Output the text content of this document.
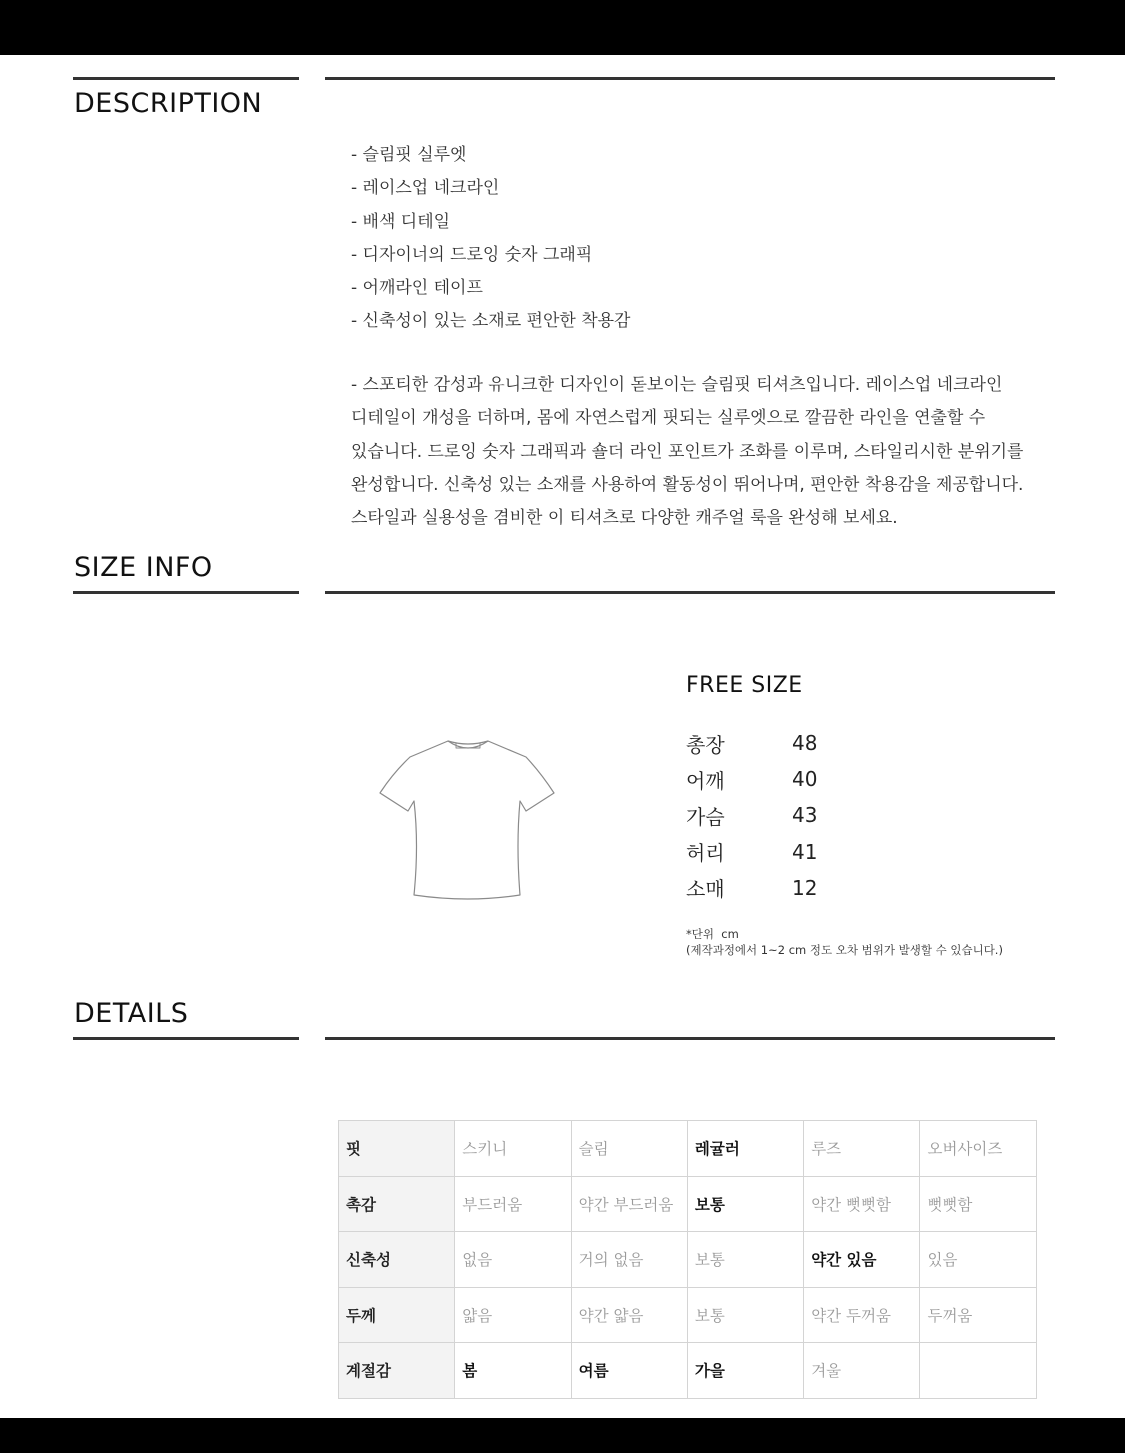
DESCRIPTION
- 슬림핏 실루엣
- 레이스업 네크라인
- 배색 디테일
- 디자이너의 드로잉 숫자 그래픽
- 어깨라인 테이프
- 신축성이 있는 소재로 편안한 착용감

- 스포티한 감성과 유니크한 디자인이 돋보이는 슬림핏 티셔츠입니다. 레이스업 네크라인 디테일이 개성을 더하며, 몸에 자연스럽게 핏되는 실루엣으로 깔끔한 라인을 연출할 수 있습니다. 드로잉 숫자 그래픽과 숄더 라인 포인트가 조화를 이루며, 스타일리시한 분위기를 완성합니다. 신축성 있는 소재를 사용하여 활동성이 뛰어나며, 편안한 착용감을 제공합니다. 스타일과 실용성을 겸비한 이 티셔츠로 다양한 캐주얼 룩을 완성해 보세요.

SIZE INFO
FREE SIZE
총장	48
어깨	40
가슴	43
허리	41
소매	12
*단위  cm
(제작과정에서 1~2 cm 정도 오차 범위가 발생할 수 있습니다.)
DETAILS
핏	스키니	슬림	레귤러	루즈	오버사이즈
촉감	부드러움	약간 부드러움	보통	약간 뻣뻣함	뻣뻣함
신축성	없음	거의 없음	보통	약간 있음	있음
두께	얇음	약간 얇음	보통	약간 두꺼움	두꺼움
계절감	봄	여름	가을	겨울	
